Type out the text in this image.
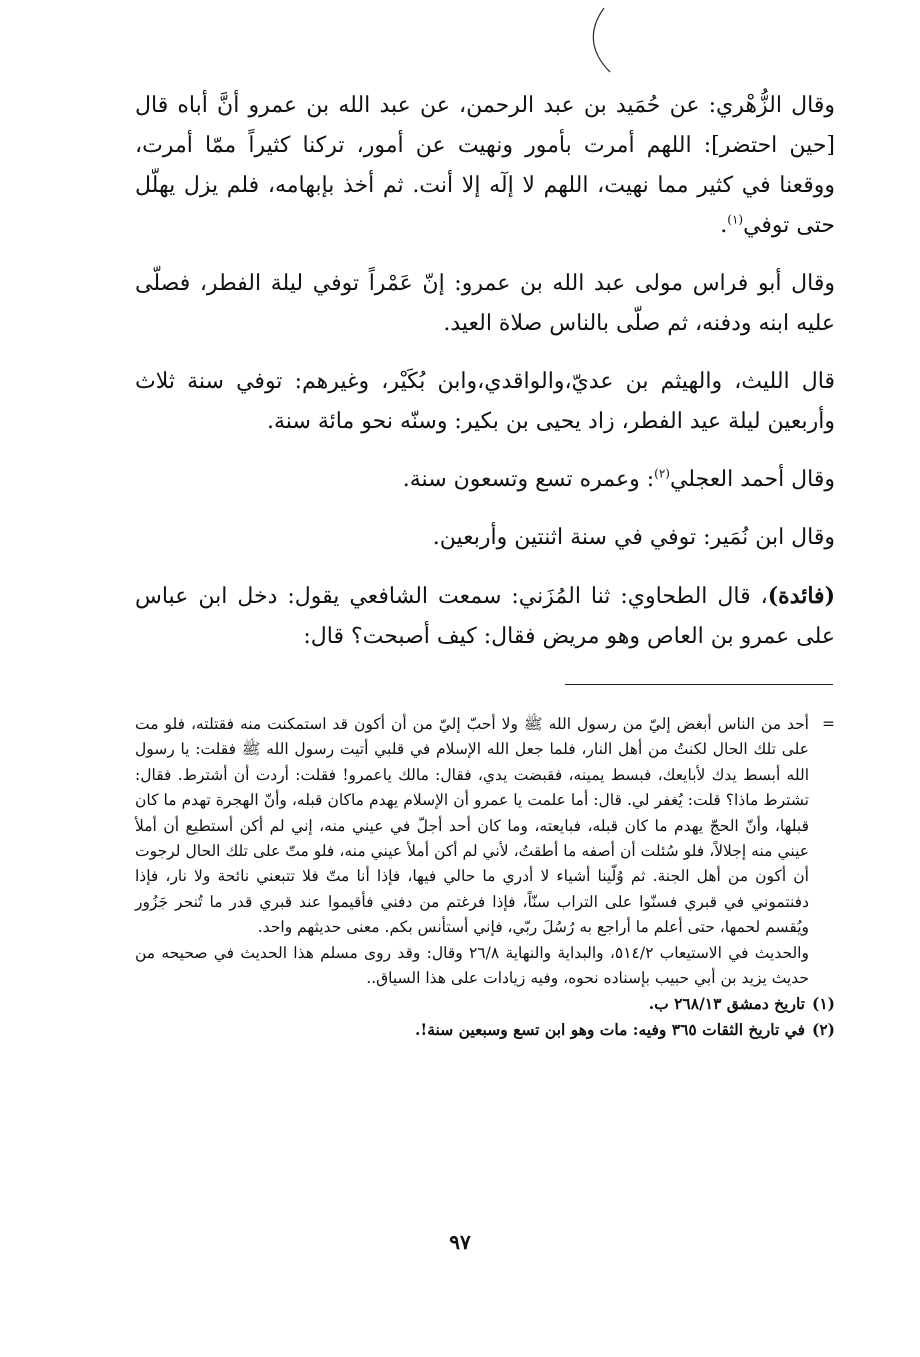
وقال الزُّهْري: عن حُمَيد بن عبد الرحمن، عن عبد الله بن عمرو أنَّ أباه قال [حين احتضر]: اللهم أمرت بأمور ونهيت عن أمور، تركنا كثيراً ممّا أمرت، ووقعنا في كثير مما نهيت، اللهم لا إلٓه إلا أنت. ثم أخذ بإبهامه، فلم يزل يهلّل حتى توفي$^{(١)}$.

وقال أبو فراس مولى عبد الله بن عمرو: إنّ عَمْراً توفي ليلة الفطر، فصلّى عليه ابنه ودفنه، ثم صلّى بالناس صلاة العيد.

قال الليث، والهيثم بن عديّ،والواقدي،وابن بُكَيْر، وغيرهم: توفي سنة ثلاث وأربعين ليلة عيد الفطر، زاد يحيى بن بكير: وسنّه نحو مائة سنة.

وقال أحمد العجلي$^{(٢)}$: وعمره تسع وتسعون سنة.

وقال ابن نُمَير: توفي في سنة اثنتين وأربعين.

(فائدة)، قال الطحاوي: ثنا المُزَني: سمعت الشافعي يقول: دخل ابن عباس على عمرو بن العاص وهو مريض فقال: كيف أصبحت؟ قال:

=

أحد من الناس أبغض إليّ من رسول الله ﷺ ولا أحبّ إليّ من أن أكون قد استمكنت منه فقتلته، فلو مت على تلك الحال لكنتُ من أهل النار، فلما جعل الله الإسلام في قلبي أتيت رسول الله ﷺ فقلت: يا رسول الله أبسط يدك لأبايعك، فبسط يمينه، فقبضت يدي، فقال: مالك ياعمرو! فقلت: أردت أن أشترط. فقال: تشترط ماذا؟ قلت: يُغفر لي. قال: أما علمت يا عمرو أن الإسلام يهدم ماكان قبله، وأنّ الهجرة تهدم ما كان قبلها، وأنّ الحجّ يهدم ما كان قبله، فبايعته، وما كان أحد أجلّ في عيني منه، إني لم أكن أستطيع أن أملأ عيني منه إجلالاً، فلو سُئلت أن أصفه ما أطقتُ، لأني لم أكن أملأ عيني منه، فلو متّ على تلك الحال لرجوت أن أكون من أهل الجنة. ثم وُلّينا أشياء لا أدري ما حالي فيها، فإذا أنا متّ فلا تتبعني نائحة ولا نار، فإذا دفنتموني في قبري فسنّوا على التراب سنّاً، فإذا فرغتم من دفني فأقيموا عند قبري قدر ما تُنحر جَزُور ويُقسم لحمها، حتى أعلم ما أراجع به رُسُلَ ربّي، فإني أستأنس بكم. معنى حديثهم واحد.

والحديث في الاستيعاب ٥١٤/٢، والبداية والنهاية ٢٦/٨ وقال: وقد روى مسلم هذا الحديث في صحيحه من حديث يزيد بن أبي حبيب بإسناده نحوه، وفيه زيادات على هذا السياق..

(١)
تاريخ دمشق ٢٦٨/١٣ ب.
(٢)
في تاريخ الثقات ٣٦٥ وفيه: مات وهو ابن تسع وسبعين سنة!.
٩٧
